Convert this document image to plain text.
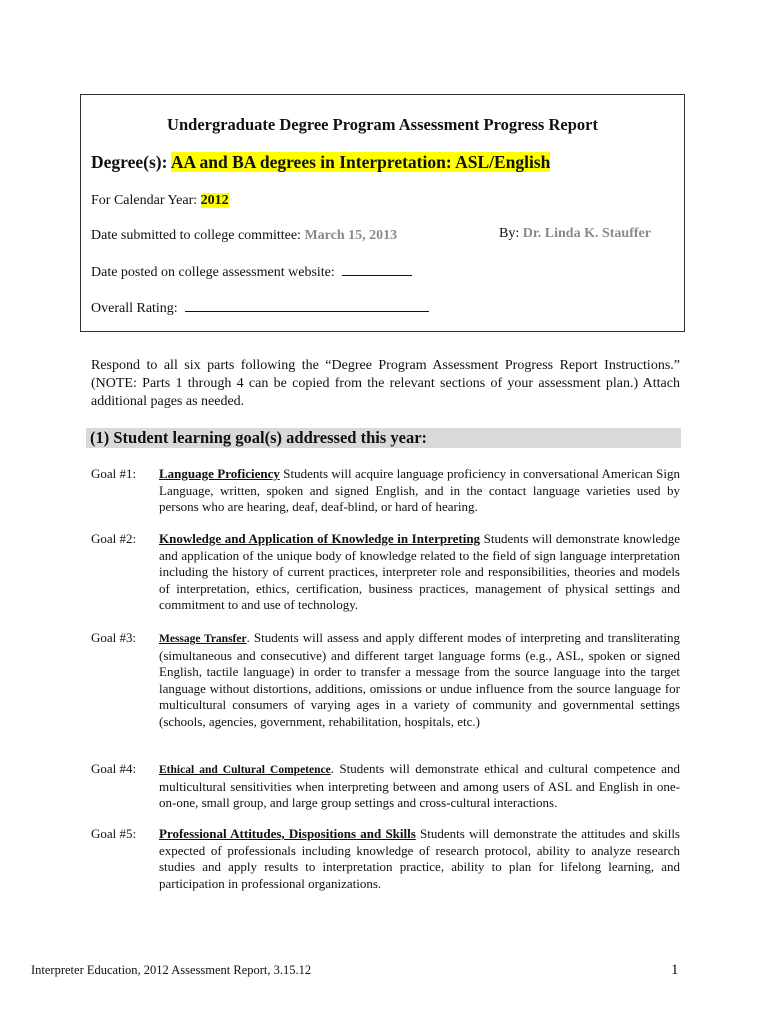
Undergraduate Degree Program Assessment Progress Report
Degree(s): AA and BA degrees in Interpretation: ASL/English
For Calendar Year: 2012
Date submitted to college committee: March 15, 2013	By: Dr. Linda K. Stauffer
Date posted on college assessment website:
Overall Rating:
Respond to all six parts following the “Degree Program Assessment Progress Report Instructions.” (NOTE: Parts 1 through 4 can be copied from the relevant sections of your assessment plan.) Attach additional pages as needed.
(1) Student learning goal(s) addressed this year:
Goal #1: Language Proficiency Students will acquire language proficiency in conversational American Sign Language, written, spoken and signed English, and in the contact language varieties used by persons who are hearing, deaf, deaf-blind, or hard of hearing.
Goal #2: Knowledge and Application of Knowledge in Interpreting Students will demonstrate knowledge and application of the unique body of knowledge related to the field of sign language interpretation including the history of current practices, interpreter role and responsibilities, theories and models of interpretation, ethics, certification, business practices, management of physical settings and commitment to and use of technology.
Goal #3: Message Transfer. Students will assess and apply different modes of interpreting and transliterating (simultaneous and consecutive) and different target language forms (e.g., ASL, spoken or signed English, tactile language) in order to transfer a message from the source language into the target language without distortions, additions, omissions or undue influence from the source language for multicultural consumers of varying ages in a variety of community and governmental settings (schools, agencies, government, rehabilitation, hospitals, etc.)
Goal #4: Ethical and Cultural Competence. Students will demonstrate ethical and cultural competence and multicultural sensitivities when interpreting between and among users of ASL and English in one-on-one, small group, and large group settings and cross-cultural interactions.
Goal #5: Professional Attitudes, Dispositions and Skills Students will demonstrate the attitudes and skills expected of professionals including knowledge of research protocol, ability to analyze research studies and apply results to interpretation practice, ability to plan for lifelong learning, and participation in professional organizations.
Interpreter Education, 2012 Assessment Report, 3.15.12	1
